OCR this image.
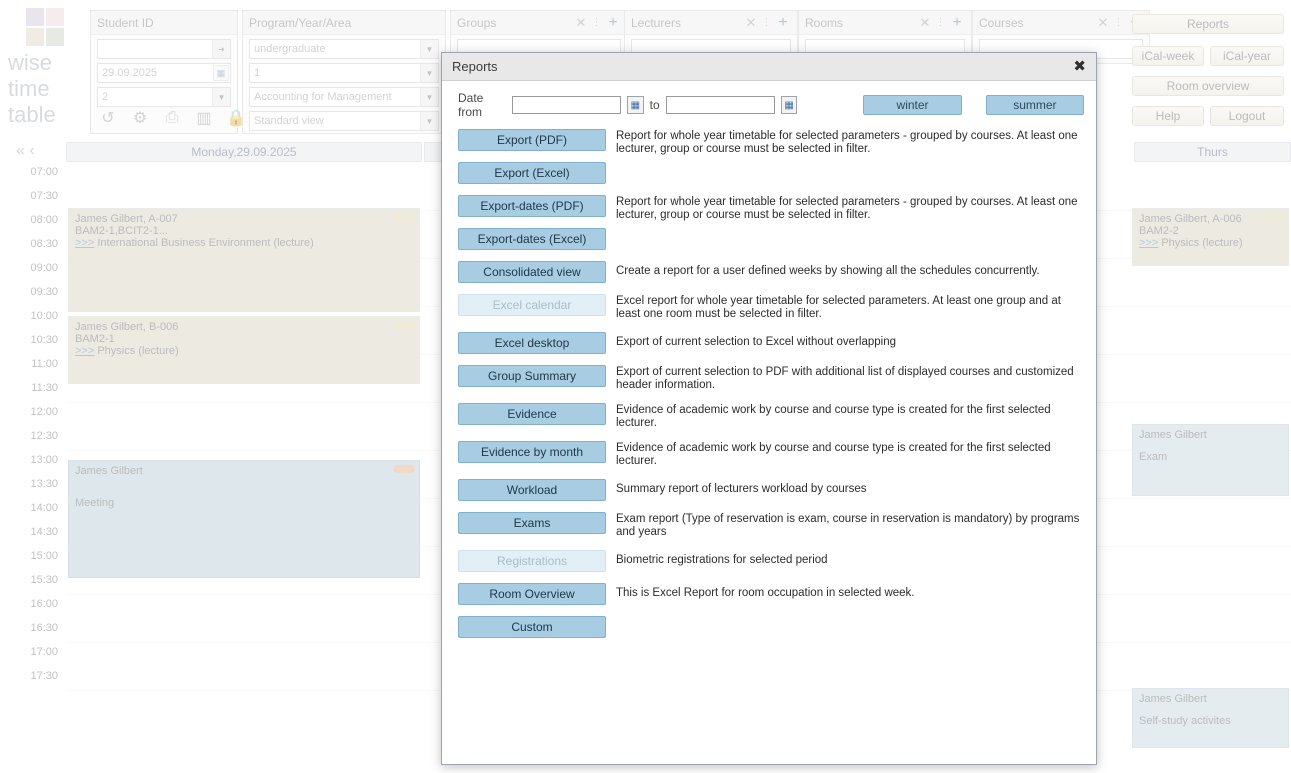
29.09.2025
2
undergraduate
1
Accounting for Management
Standard view
Reports	✖
Date from	▦ to	▦	winter	summer
Export (PDF)	Report for whole year timetable for selected parameters - grouped by courses. At least one lecturer, group or course must be selected in filter.
Export (Excel)
Export-dates (PDF)	Report for whole year timetable for selected parameters - grouped by courses. At least one lecturer, group or course must be selected in filter.
Export-dates (Excel)
Consolidated view	Create a report for a user defined weeks by showing all the schedules concurrently.
Excel calendar	Excel report for whole year timetable for selected parameters. At least one group and at least one room must be selected in filter.
Excel desktop	Export of current selection to Excel without overlapping
Group Summary	Export of current selection to PDF with additional list of displayed courses and customized header information.
Evidence	Evidence of academic work by course and course type is created for the first selected lecturer.
Evidence by month	Evidence of academic work by course and course type is created for the first selected lecturer.
Workload	Summary report of lecturers workload by courses
Exams	Exam report (Type of reservation is exam, course in reservation is mandatory) by programs and years
Registrations	Biometric registrations for selected period
Room Overview	This is Excel Report for room occupation in selected week.
Custom
